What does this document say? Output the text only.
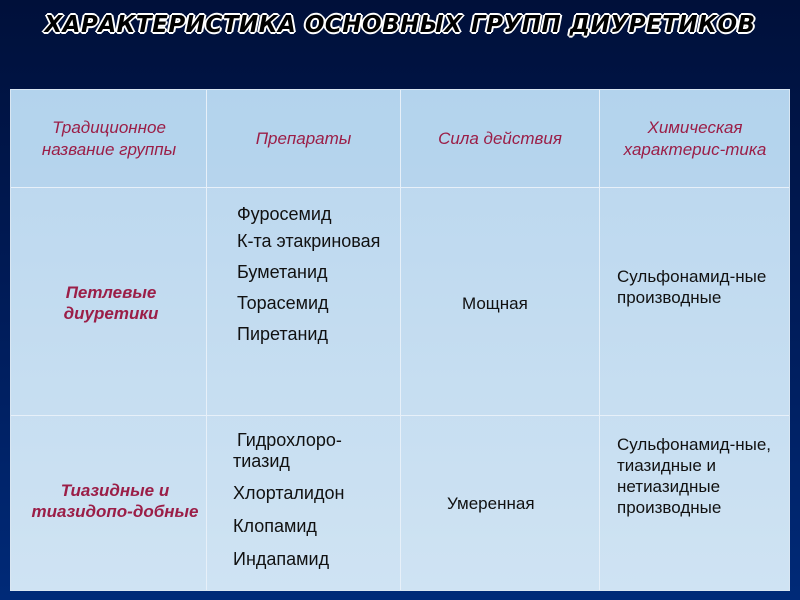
ХАРАКТЕРИСТИКА ОСНОВНЫХ ГРУПП ДИУРЕТИКОВ
Традиционное название группы
Препараты	Сила действия
Химическая характерис-тика
Петлевые диуретики
Фуросемид
К-та этакриновая
Буметанид
Торасемид
Пиретанид
Мощная
Сульфонамид-ные производные
Тиазидные и тиазидопо-добные
Гидрохлоро-тиазид
Хлорталидон
Клопамид
Индапамид
Умеренная
Сульфонамид-ные, тиазидные и нетиазидные производные
